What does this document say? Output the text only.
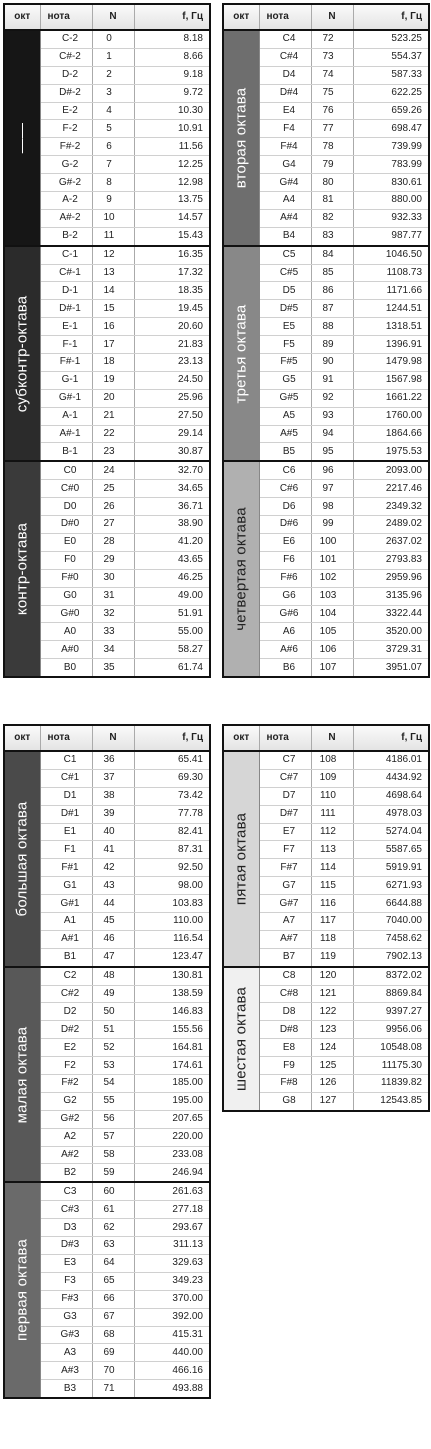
окт	нота	N	f, Гц

——	C-2	0	8.18
	C#-2	1	8.66
	D-2	2	9.18
	D#-2	3	9.72
	E-2	4	10.30
	F-2	5	10.91
	F#-2	6	11.56
	G-2	7	12.25
	G#-2	8	12.98
	A-2	9	13.75
	A#-2	10	14.57
	B-2	11	15.43

субконтр-октава	C-1	12	16.35
	C#-1	13	17.32
	D-1	14	18.35
	D#-1	15	19.45
	E-1	16	20.60
	F-1	17	21.83
	F#-1	18	23.13
	G-1	19	24.50
	G#-1	20	25.96
	A-1	21	27.50
	A#-1	22	29.14
	B-1	23	30.87

контр-октава	C0	24	32.70
	C#0	25	34.65
	D0	26	36.71
	D#0	27	38.90
	E0	28	41.20
	F0	29	43.65
	F#0	30	46.25
	G0	31	49.00
	G#0	32	51.91
	A0	33	55.00
	A#0	34	58.27
	B0	35	61.74
окт	нота	N	f, Гц

вторая октава	C4	72	523.25
	C#4	73	554.37
	D4	74	587.33
	D#4	75	622.25
	E4	76	659.26
	F4	77	698.47
	F#4	78	739.99
	G4	79	783.99
	G#4	80	830.61
	A4	81	880.00
	A#4	82	932.33
	B4	83	987.77

третья октава	C5	84	1046.50
	C#5	85	1108.73
	D5	86	1171.66
	D#5	87	1244.51
	E5	88	1318.51
	F5	89	1396.91
	F#5	90	1479.98
	G5	91	1567.98
	G#5	92	1661.22
	A5	93	1760.00
	A#5	94	1864.66
	B5	95	1975.53

четвертая октава	C6	96	2093.00
	C#6	97	2217.46
	D6	98	2349.32
	D#6	99	2489.02
	E6	100	2637.02
	F6	101	2793.83
	F#6	102	2959.96
	G6	103	3135.96
	G#6	104	3322.44
	A6	105	3520.00
	A#6	106	3729.31
	B6	107	3951.07
окт	нота	N	f, Гц

большая октава	C1	36	65.41
	C#1	37	69.30
	D1	38	73.42
	D#1	39	77.78
	E1	40	82.41
	F1	41	87.31
	F#1	42	92.50
	G1	43	98.00
	G#1	44	103.83
	A1	45	110.00
	A#1	46	116.54
	B1	47	123.47

малая октава	C2	48	130.81
	C#2	49	138.59
	D2	50	146.83
	D#2	51	155.56
	E2	52	164.81
	F2	53	174.61
	F#2	54	185.00
	G2	55	195.00
	G#2	56	207.65
	A2	57	220.00
	A#2	58	233.08
	B2	59	246.94

первая октава	C3	60	261.63
	C#3	61	277.18
	D3	62	293.67
	D#3	63	311.13
	E3	64	329.63
	F3	65	349.23
	F#3	66	370.00
	G3	67	392.00
	G#3	68	415.31
	A3	69	440.00
	A#3	70	466.16
	B3	71	493.88
окт	нота	N	f, Гц

пятая октава	C7	108	4186.01
	C#7	109	4434.92
	D7	110	4698.64
	D#7	111	4978.03
	E7	112	5274.04
	F7	113	5587.65
	F#7	114	5919.91
	G7	115	6271.93
	G#7	116	6644.88
	A7	117	7040.00
	A#7	118	7458.62
	B7	119	7902.13

шестая октава	C8	120	8372.02
	C#8	121	8869.84
	D8	122	9397.27
	D#8	123	9956.06
	E8	124	10548.08
	F9	125	11175.30
	F#8	126	11839.82
	G8	127	12543.85
